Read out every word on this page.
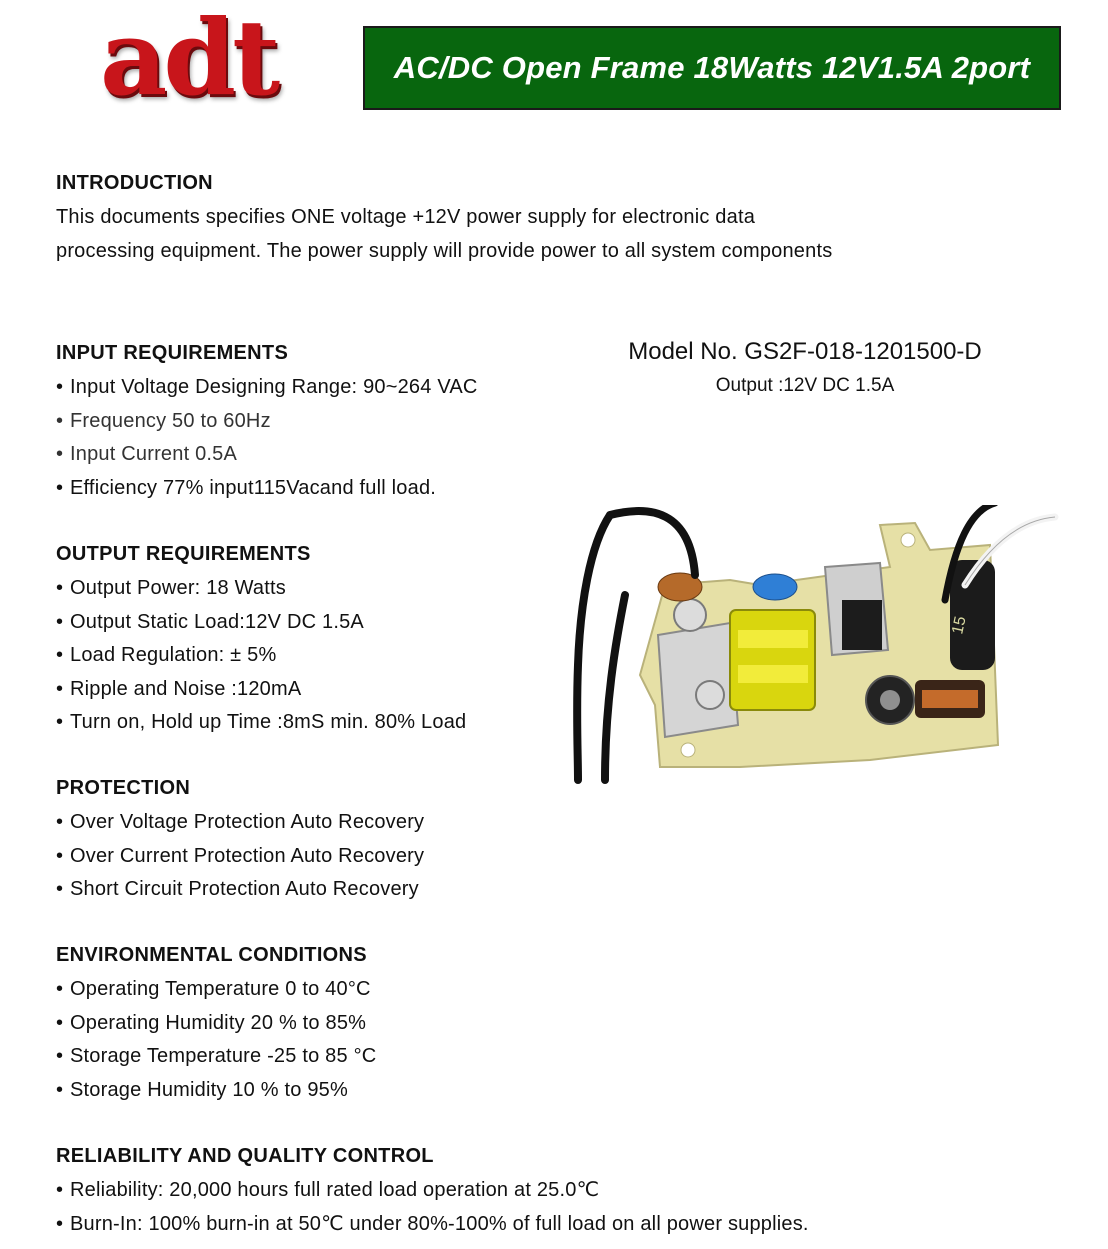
adt	AC/DC Open Frame 18Watts 12V1.5A 2port
INTRODUCTION
This documents specifies ONE voltage +12V power supply for electronic data
processing equipment. The power supply will provide power to all system components
INPUT REQUIREMENTS
• Input Voltage Designing Range: 90~264 VAC
• Frequency 50 to 60Hz
• Input Current 0.5A
• Efficiency 77% input115Vacand full load.
OUTPUT REQUIREMENTS
• Output Power: 18 Watts
• Output Static Load:12V DC 1.5A
• Load Regulation: ± 5%
• Ripple and Noise :120mA
• Turn on, Hold up Time :8mS min. 80% Load
PROTECTION
• Over Voltage Protection Auto Recovery
• Over Current Protection Auto Recovery
• Short Circuit Protection Auto Recovery
ENVIRONMENTAL CONDITIONS
• Operating Temperature 0 to 40°C
• Operating Humidity 20 % to 85%
• Storage Temperature -25 to 85 °C
• Storage Humidity 10 % to 95%
RELIABILITY AND QUALITY CONTROL
• Reliability: 20,000 hours full rated load operation at 25.0℃
• Burn-In: 100% burn-in at 50℃ under 80%-100% of full load on all power supplies.
Model No. GS2F-018-1201500-D
Output :12V DC 1.5A
15
